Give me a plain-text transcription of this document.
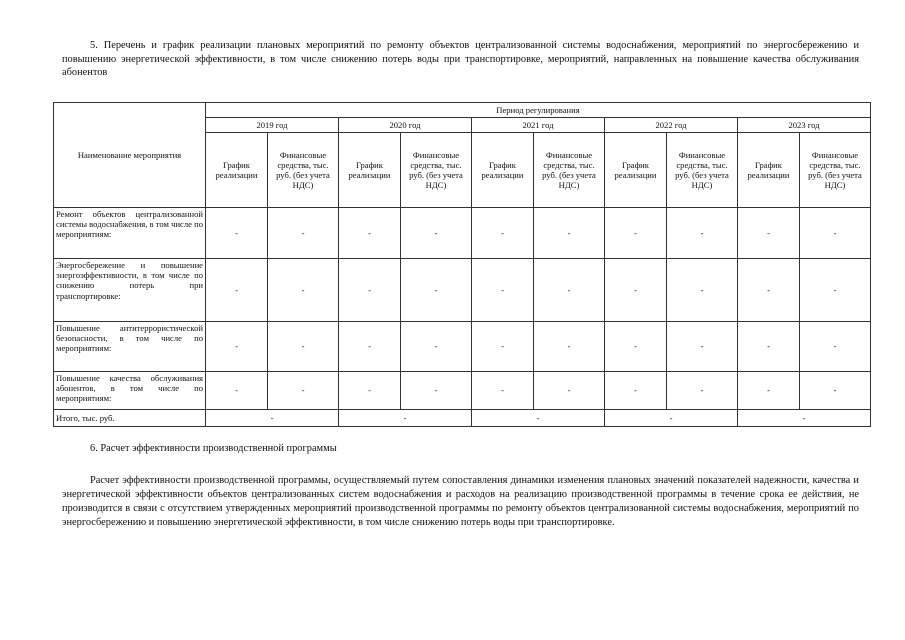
5. Перечень и график реализации плановых мероприятий по ремонту объектов централизованной системы водоснабжения, мероприятий по энергосбережению и повышению энергетической эффективности, в том числе снижению потерь воды при транспортировке, мероприятий, направленных на повышение качества обслуживания абонентов
Наименование мероприятия	Период регулирования									
	2019 год		2020 год		2021 год		2022 год		2023 год	
	График реализации	Финансовые средства, тыс. руб. (без учета НДС)	График реализации	Финансовые средства, тыс. руб. (без учета НДС)	График реализации	Финансовые средства, тыс. руб. (без учета НДС)	График реализации	Финансовые средства, тыс. руб. (без учета НДС)	График реализации	Финансовые средства, тыс. руб. (без учета НДС)
Ремонт объектов централизованной системы водоснабжения, в том числе по мероприятиям:	-	-	-	-	-	-	-	-	-	-
Энергосбережение и повышение энергоэффективности, в том числе по снижению потерь при транспортировке:	-	-	-	-	-	-	-	-	-	-
Повышение антитеррористической безопасности, в том числе по мероприятиям:	-	-	-	-	-	-	-	-	-	-
Повышение качества обслуживания абонентов, в том числе по мероприятиям:	-	-	-	-	-	-	-	-	-	-
Итого, тыс. руб.	-		-		-		-		-	
6. Расчет эффективности производственной программы
Расчет эффективности производственной программы, осуществляемый путем сопоставления динамики изменения плановых значений показателей надежности, качества и энергетической эффективности объектов централизованных систем водоснабжения и расходов на реализацию производственной программы в течение срока ее действия, не производится в связи с отсутствием утвержденных мероприятий производственной программы по ремонту объектов централизованной системы водоснабжения, мероприятий по энергосбережению и повышению энергетической эффективности, в том числе снижению потерь воды при транспортировке.
